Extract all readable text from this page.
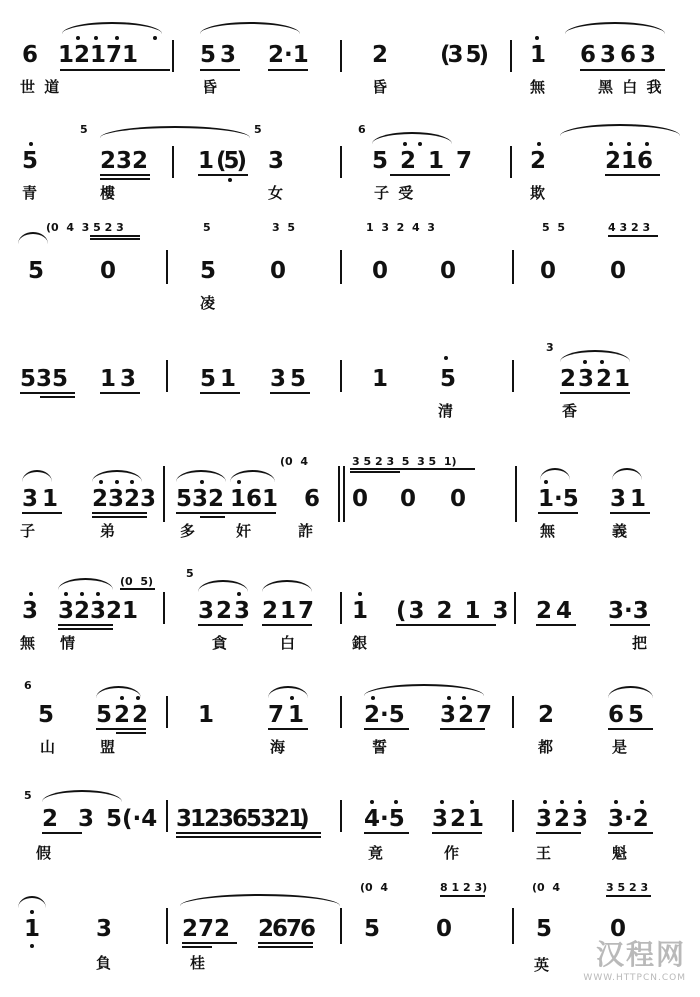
6 1 2 1 7 1	5 3 2·1	2 (3 5) 1 6 3 6 3
世 道	昏	昏	無	黑 白 我
5	5	6
5	2 3 2 1 (5) 3	5 2 1 7 2	2 1 6
青	樓	女	子 受	欺
(0  4  3 5 2 3	5	3  5	1  3  2  4  3	5  5	4 3 2 3
5 0	5 0	0 0	0 0
凌
3
5 3 5 1 3	5 1 3 5	1 5	2 3 2 1
清	香
(0  4	3 5 2 3  5  3 5  1)
3 1 2 3 2 3 5 3 2 1 6 1 6 0 0 0	1·5 3 1
子	弟	多	奸	詐	無	義
(0  5)
5
3 3 2 3 2 1	3 2 3 2 1 7 1 (3 2 1 3 2 4 3·3
無 情	貪	白	銀	把
6
5 5 2 2 1 7 1	2·5 3 2 7 2 6 5
山	盟	海	誓	都	是
5
2 3 5(·4 3 1 2 3 6 5 3 2 1)	4·5 3 2 1 3 2 3 3·2
假	竟	作	王	魁
(0  4	8 1 2 3)	(0  4	3 5 2 3
1 3	2 7 2 2 6 7 6 5 0	5	0
負	桂	英	汉程网
WWW.HTTPCN.COM
